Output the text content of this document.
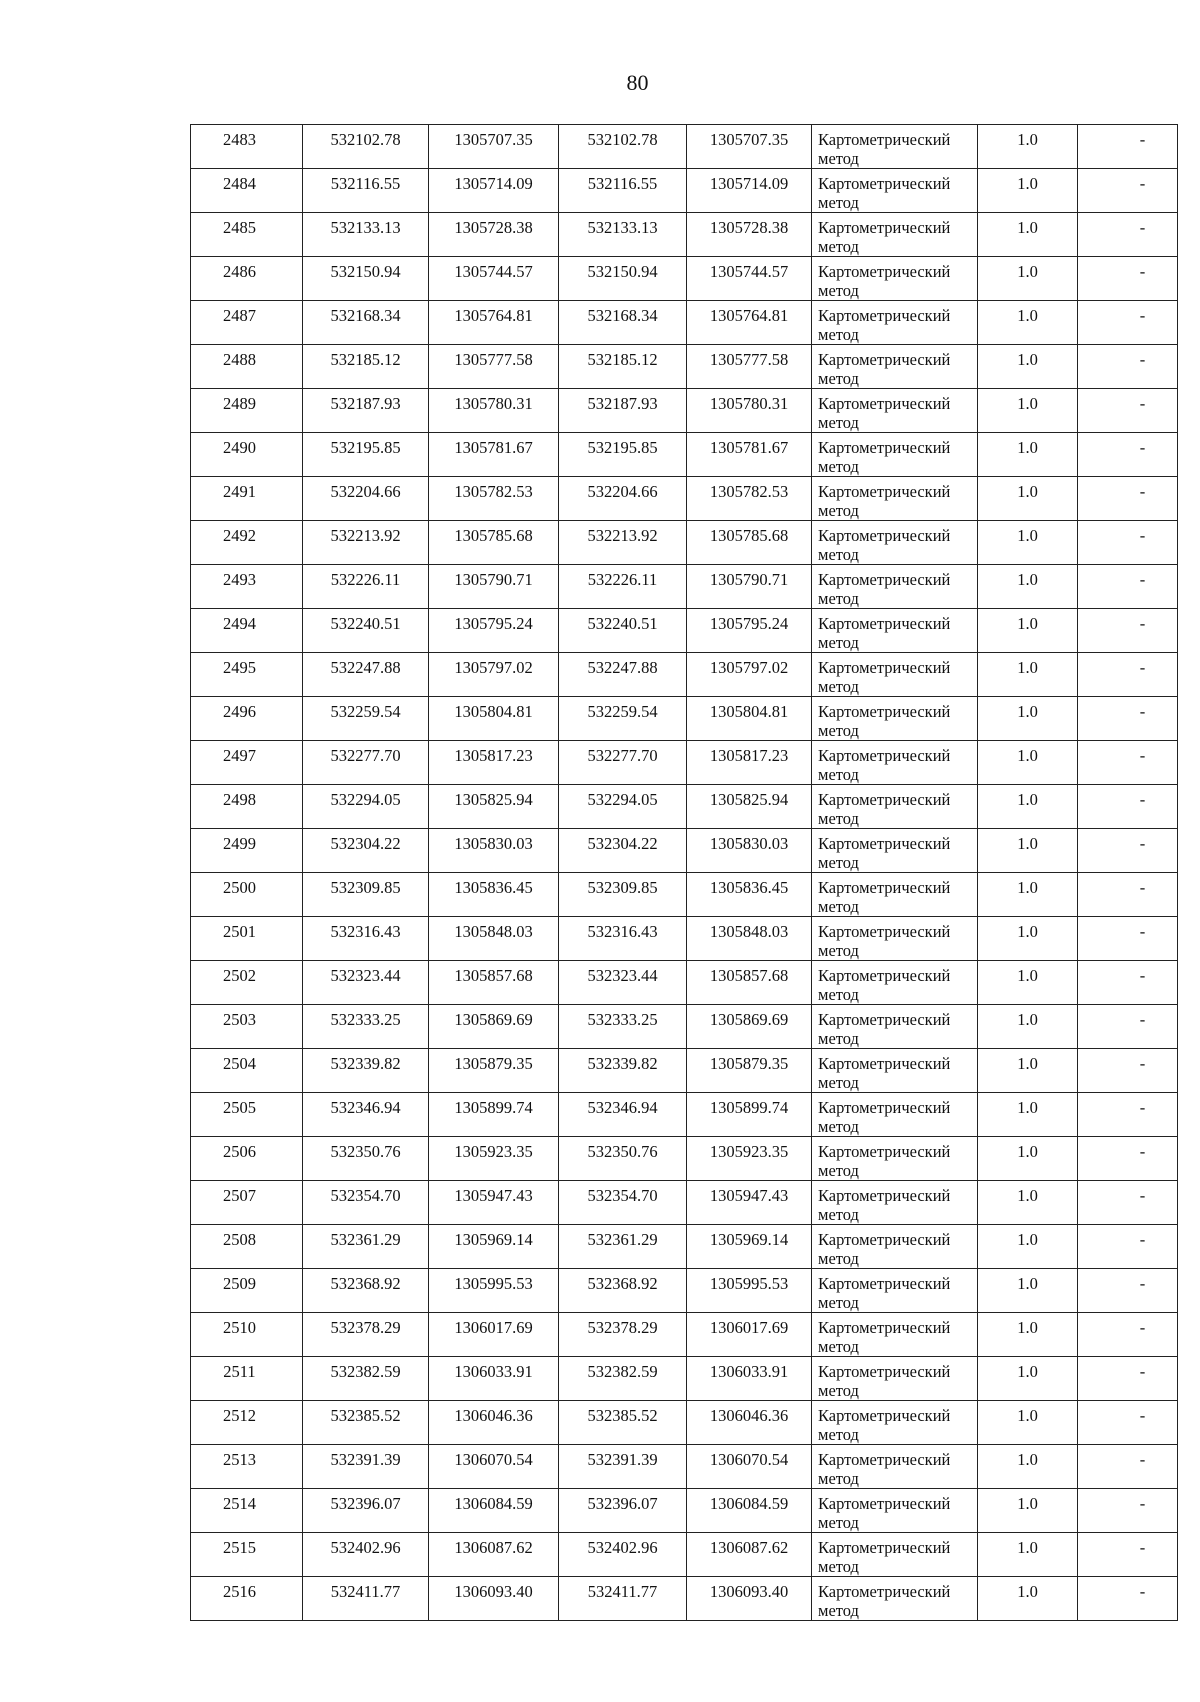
80
2483	532102.78	1305707.35	532102.78	1305707.35	Картометрический метод	1.0	-

2484	532116.55	1305714.09	532116.55	1305714.09	Картометрический метод	1.0	-

2485	532133.13	1305728.38	532133.13	1305728.38	Картометрический метод	1.0	-

2486	532150.94	1305744.57	532150.94	1305744.57	Картометрический метод	1.0	-

2487	532168.34	1305764.81	532168.34	1305764.81	Картометрический метод	1.0	-

2488	532185.12	1305777.58	532185.12	1305777.58	Картометрический метод	1.0	-

2489	532187.93	1305780.31	532187.93	1305780.31	Картометрический метод	1.0	-

2490	532195.85	1305781.67	532195.85	1305781.67	Картометрический метод	1.0	-

2491	532204.66	1305782.53	532204.66	1305782.53	Картометрический метод	1.0	-

2492	532213.92	1305785.68	532213.92	1305785.68	Картометрический метод	1.0	-

2493	532226.11	1305790.71	532226.11	1305790.71	Картометрический метод	1.0	-

2494	532240.51	1305795.24	532240.51	1305795.24	Картометрический метод	1.0	-

2495	532247.88	1305797.02	532247.88	1305797.02	Картометрический метод	1.0	-

2496	532259.54	1305804.81	532259.54	1305804.81	Картометрический метод	1.0	-

2497	532277.70	1305817.23	532277.70	1305817.23	Картометрический метод	1.0	-

2498	532294.05	1305825.94	532294.05	1305825.94	Картометрический метод	1.0	-

2499	532304.22	1305830.03	532304.22	1305830.03	Картометрический метод	1.0	-

2500	532309.85	1305836.45	532309.85	1305836.45	Картометрический метод	1.0	-

2501	532316.43	1305848.03	532316.43	1305848.03	Картометрический метод	1.0	-

2502	532323.44	1305857.68	532323.44	1305857.68	Картометрический метод	1.0	-

2503	532333.25	1305869.69	532333.25	1305869.69	Картометрический метод	1.0	-

2504	532339.82	1305879.35	532339.82	1305879.35	Картометрический метод	1.0	-

2505	532346.94	1305899.74	532346.94	1305899.74	Картометрический метод	1.0	-

2506	532350.76	1305923.35	532350.76	1305923.35	Картометрический метод	1.0	-

2507	532354.70	1305947.43	532354.70	1305947.43	Картометрический метод	1.0	-

2508	532361.29	1305969.14	532361.29	1305969.14	Картометрический метод	1.0	-

2509	532368.92	1305995.53	532368.92	1305995.53	Картометрический метод	1.0	-

2510	532378.29	1306017.69	532378.29	1306017.69	Картометрический метод	1.0	-

2511	532382.59	1306033.91	532382.59	1306033.91	Картометрический метод	1.0	-

2512	532385.52	1306046.36	532385.52	1306046.36	Картометрический метод	1.0	-

2513	532391.39	1306070.54	532391.39	1306070.54	Картометрический метод	1.0	-

2514	532396.07	1306084.59	532396.07	1306084.59	Картометрический метод	1.0	-

2515	532402.96	1306087.62	532402.96	1306087.62	Картометрический метод	1.0	-

2516	532411.77	1306093.40	532411.77	1306093.40	Картометрический метод	1.0	-
